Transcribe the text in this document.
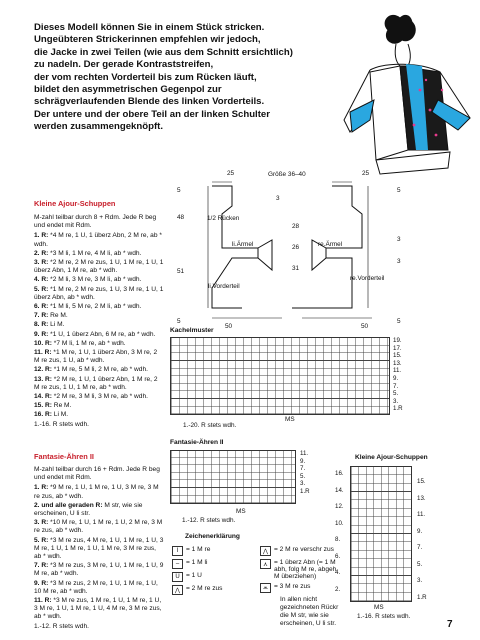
Dieses Modell können Sie in einem Stück stricken.
Ungeübteren Strickerinnen empfehlen wir jedoch,
die Jacke in zwei Teilen (wie aus dem Schnitt ersichtlich)
zu nadeln. Der gerade Kontraststreifen,
der vom rechten Vorderteil bis zum Rücken läuft,
bildet den asymmetrischen Gegenpol zur
schrägverlaufenden Blende des linken Vorderteils.
Der untere und der obere Teil an der linken Schulter
werden zusammengeknöpft.
Größe 36–40
1/2 Rücken
li.Ärmel
li.Vorderteil
re.Ärmel
re.Vorderteil
25
5
48
3
51
50
5
28
26
31
25
3
5
3
50
5
Kleine Ajour-Schuppen

M-zahl teilbar durch 8 + Rdm. Jede R beg und endet mit Rdm.

1. R: *4 M re, 1 U, 1 überz Abn, 2 M re, ab * wdh.

2. R: *3 M li, 1 M re, 4 M li, ab * wdh.

3. R: *2 M re, 2 M re zus, 1 U, 1 M re, 1 U, 1 überz Abn, 1 M re, ab * wdh.

4. R: *2 M li, 3 M re, 3 M li, ab * wdh.

5. R: *1 M re, 2 M re zus, 1 U, 3 M re, 1 U, 1 überz Abn, ab * wdh.

6. R: *1 M li, 5 M re, 2 M li, ab * wdh.

7. R: Re M.

8. R: Li M.

9. R: *1 U, 1 überz Abn, 6 M re, ab * wdh.

10. R: *7 M li, 1 M re, ab * wdh.

11. R: *1 M re, 1 U, 1 überz Abn, 3 M re, 2 M re zus, 1 U, ab * wdh.

12. R: *1 M re, 5 M li, 2 M re, ab * wdh.

13. R: *2 M re, 1 U, 1 überz Abn, 1 M re, 2 M re zus, 1 U, 1 M re, ab * wdh.

14. R: *2 M re, 3 M li, 3 M re, ab * wdh.

15. R: Re M.

16. R: Li M.

1.-16. R stets wdh.

Fantasie-Ähren II

M-zahl teilbar durch 16 + Rdm. Jede R beg und endet mit Rdm.

1. R: *9 M re, 1 U, 1 M re, 1 U, 3 M re, 3 M re zus, ab * wdh.

2. und alle geraden R: M str, wie sie erscheinen, U li str.

3. R: *10 M re, 1 U, 1 M re, 1 U, 2 M re, 3 M re zus, ab * wdh.

5. R: *3 M re zus, 4 M re, 1 U, 1 M re, 1 U, 3 M re, 1 U, 1 M re, 1 U, 1 M re, 3 M re zus, ab * wdh.

7. R: *3 M re zus, 3 M re, 1 U, 1 M re, 1 U, 9 M re, ab * wdh.

9. R: *3 M re zus, 2 M re, 1 U, 1 M re, 1 U, 10 M re, ab * wdh.

11. R: *3 M re zus, 1 M re, 1 U, 1 M re, 1 U, 3 M re, 1 U, 1 M re, 1 U, 4 M re, 3 M re zus, ab * wdh.

1.-12. R stets wdh.

Kachelmuster
19.
17.
15.
13.
11.
9.
7.
5.
3.
1.R
MS
1.-20. R stets wdh.
Fantasie-Ähren II
11.
9.
7.
5.
3.
1.R
MS
1.-12. R stets wdh.
Zeichenerklärung
I	= 1 M re
–	= 1 M li
U = 1 U
⋀ = 2 M re zus
⋀ = 2 M re verschr zus
⋏ = 1 überz Abn (= 1 M abh, folg M re, abgeh M überziehen)
⩕ = 3 M re zus
In allen nicht gezeichneten Rückr die M str, wie sie erscheinen, U li str.
Kleine Ajour-Schuppen
16.
14.
12.
10.
8.
6.
4.
2.
15.
13.
11.
9.
7.
5.
3.
1.R
MS
1.-16. R stets wdh.
7
